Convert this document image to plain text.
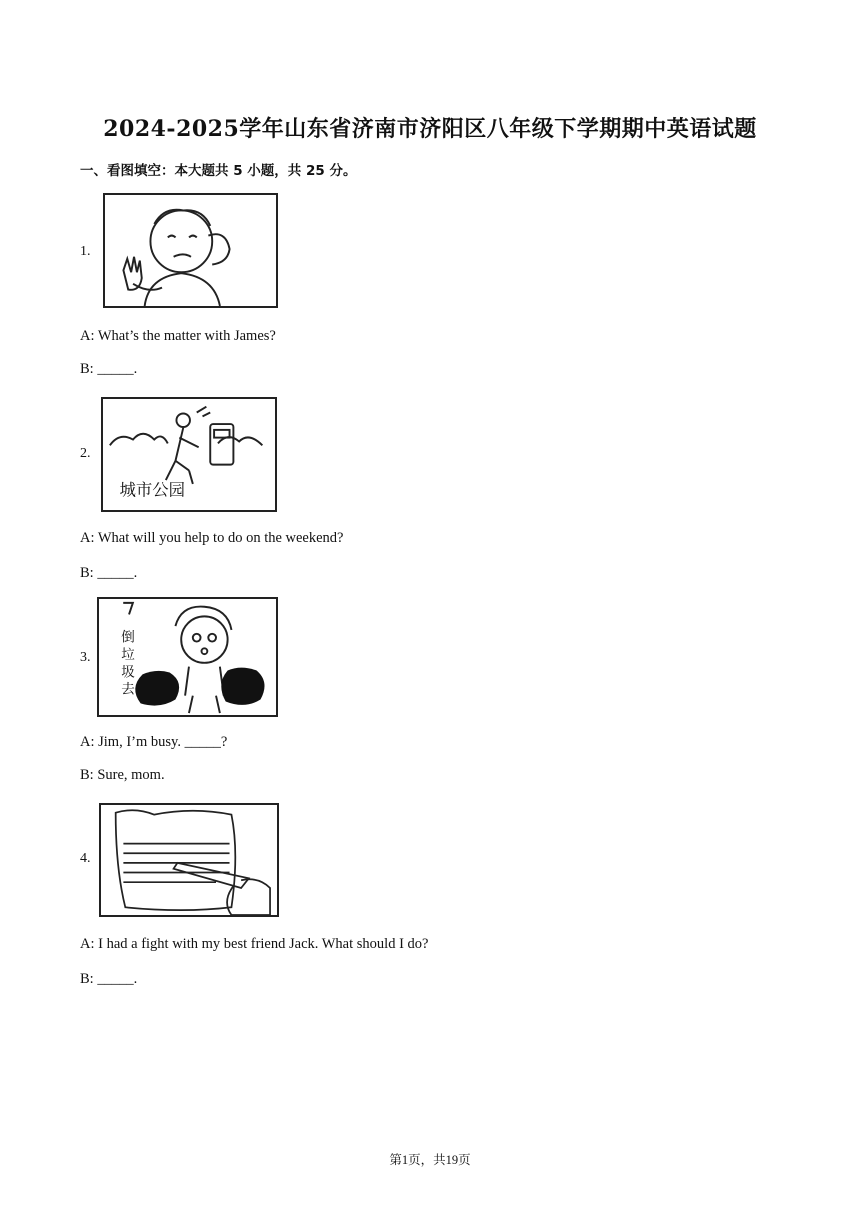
2024-2025学年山东省济南市济阳区八年级下学期期中英语试题
一、看图填空：本大题共 5 小题，共 25 分。
1.
A: What’s the matter with James?
B: _____.
2.
城市公园
A: What will you help to do on the weekend?
B: _____.
3.
倒垃圾去
A: Jim, I’m busy. _____?
B: Sure, mom.
4.
A: I had a fight with my best friend Jack. What should I do?
B: _____.
第1页，共19页
